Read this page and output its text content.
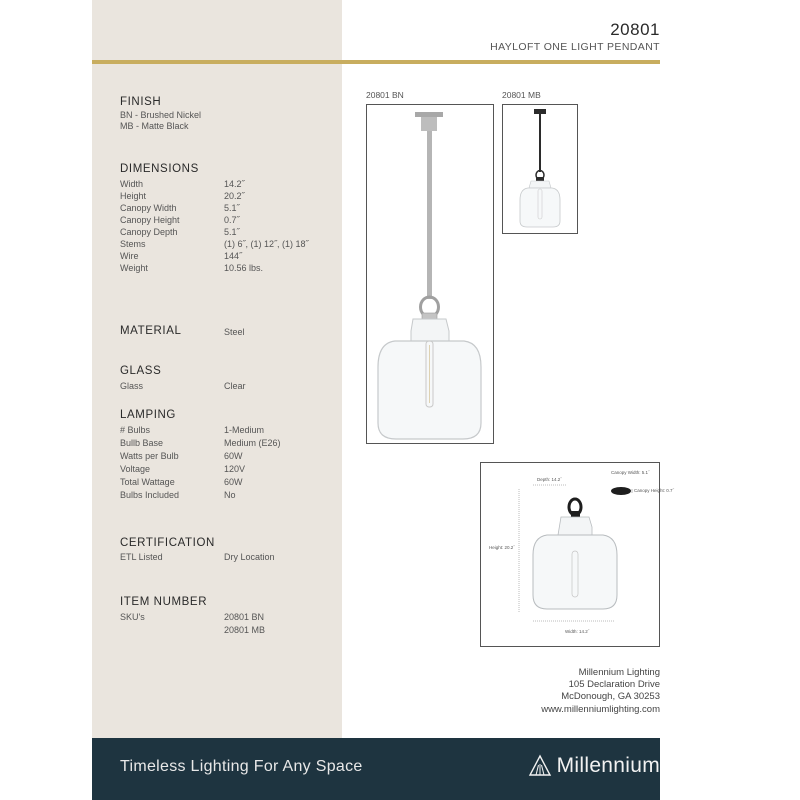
20801
HAYLOFT ONE LIGHT PENDANT
FINISH
BN - Brushed Nickel
MB - Matte Black
DIMENSIONS
Width	14.2˝
Height	20.2˝
Canopy Width	5.1˝
Canopy Height	0.7˝
Canopy Depth	5.1˝
Stems	(1) 6˝, (1) 12˝, (1) 18˝
Wire	144˝
Weight	10.56 lbs.
MATERIAL	Steel
GLASS
Glass	Clear
LAMPING
# Bulbs	1-Medium
Bullb Base	Medium (E26)
Watts per Bulb	60W
Voltage	120V
Total Wattage	60W
Bulbs Included	No
CERTIFICATION
ETL Listed	Dry Location
ITEM NUMBER
SKU's	20801 BN
20801 MB
20801 BN	20801 MB
Canopy Width: 5.1˝
Canopy Height: 0.7˝
Depth: 14.2˝
Height: 20.2˝
Width: 14.2˝
Millennium Lighting
105 Declaration Drive
McDonough, GA 30253
www.millenniumlighting.com
Timeless Lighting For Any Space	Millennium
